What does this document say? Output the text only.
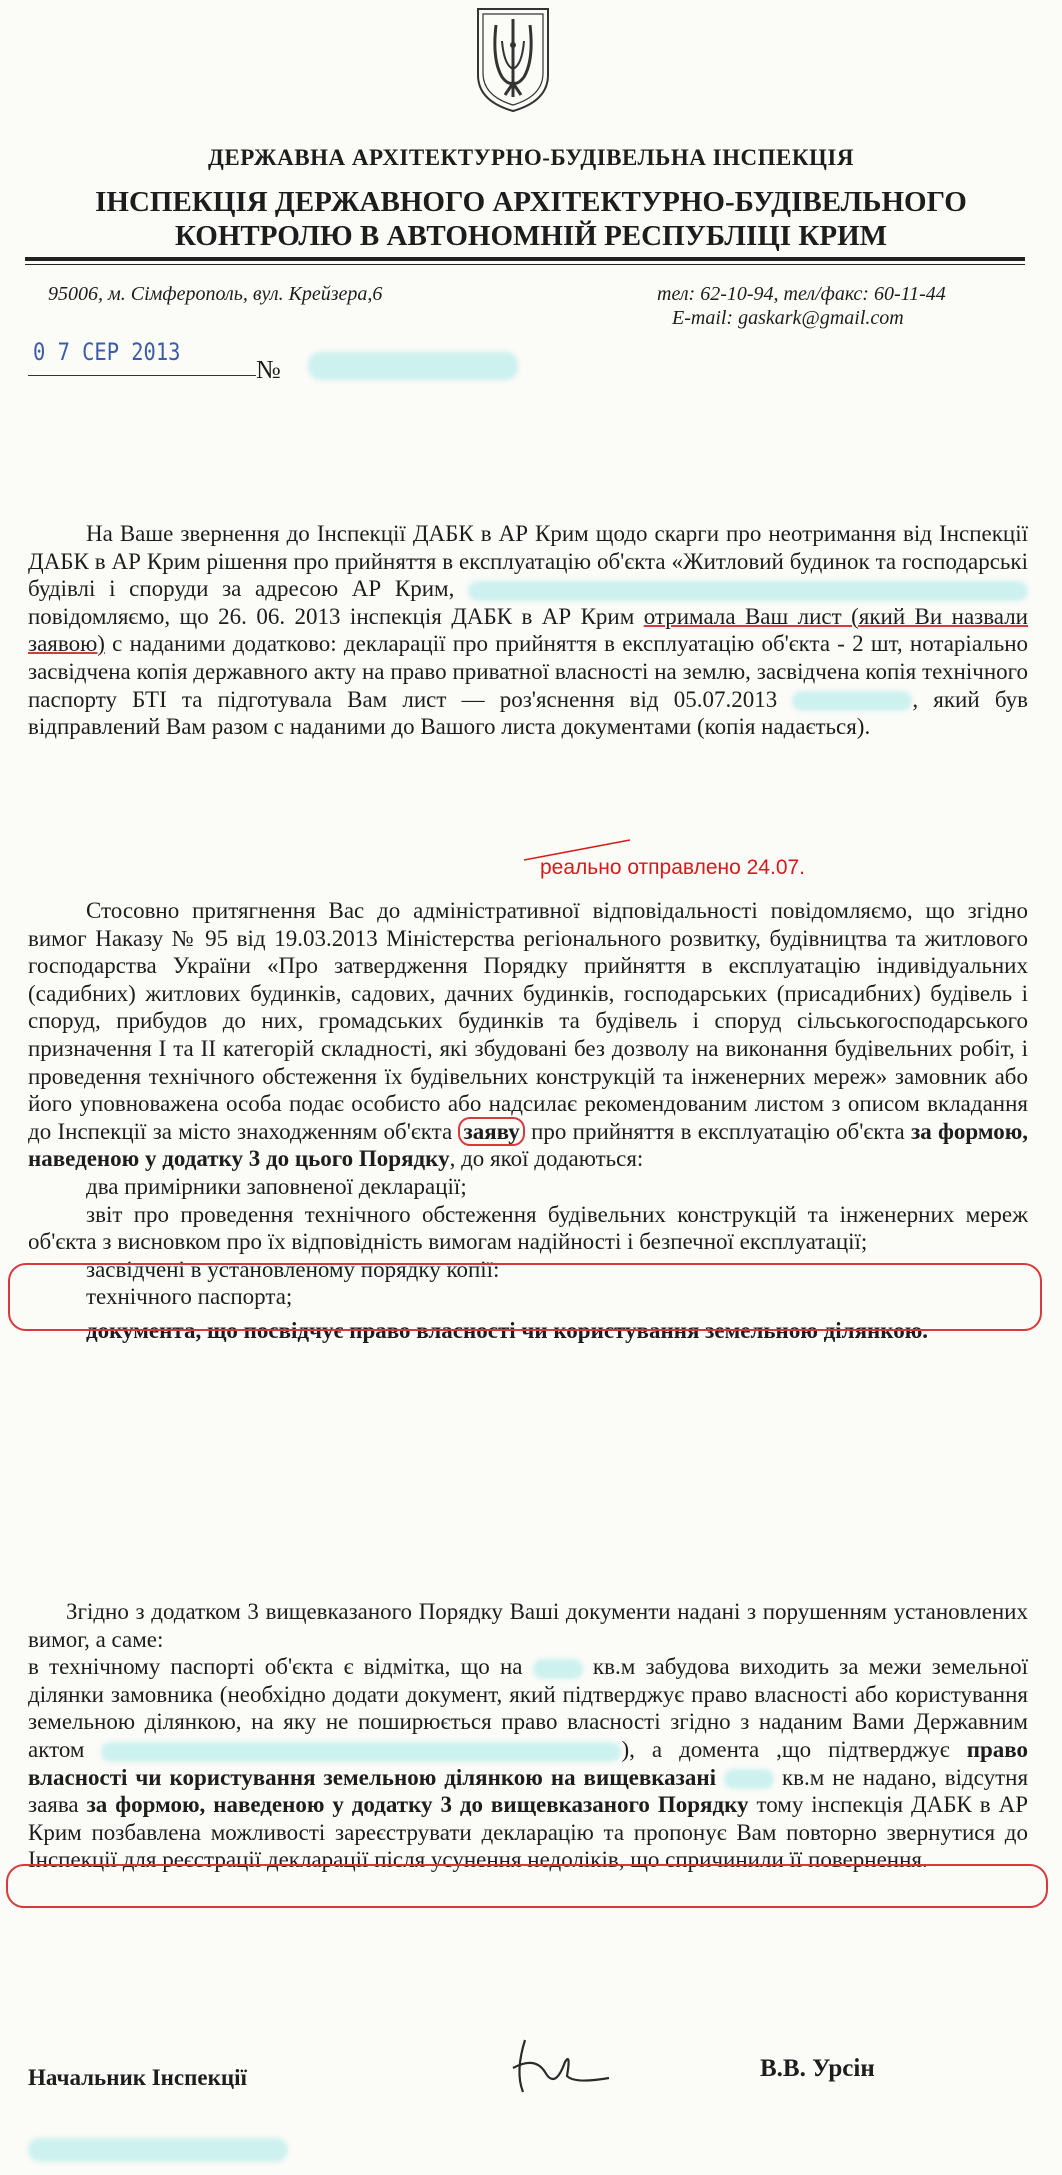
ДЕРЖАВНА АРХІТЕКТУРНО-БУДІВЕЛЬНА ІНСПЕКЦІЯ
ІНСПЕКЦІЯ ДЕРЖАВНОГО АРХІТЕКТУРНО-БУДІВЕЛЬНОГО
КОНТРОЛЮ В АВТОНОМНІЙ РЕСПУБЛІЦІ КРИМ
95006, м. Сімферополь, вул. Крейзера,6	тел: 62-10-94, тел/факс: 60-11-44
E-mail: gaskark@gmail.com
0 7 СЕР 2013
№

На Ваше звернення до Інспекції ДАБК в АР Крим щодо скарги про неотримання від Інспекції ДАБК в АР Крим рішення про прийняття в експлуатацію об'єкта «Житловий будинок та господарські будівлі і споруди за адресою АР Крим,  повідомляємо, що 26. 06. 2013 інспекція ДАБК в АР Крим отримала Ваш лист (який Ви назвали заявою) с наданими додатково: декларації про прийняття в експлуатацію об'єкта - 2 шт, нотаріально засвідчена копія державного акту на право приватної власності на землю, засвідчена копія технічного паспорту БТІ та підготувала Вам лист — роз'яснення від 05.07.2013	, який був відправлений Вам разом с наданими до Вашого листа документами (копія надається).

реально отправлено 24.07.

Стосовно притягнення Вас до адміністративної відповідальності повідомляємо, що згідно вимог Наказу № 95 від 19.03.2013 Міністерства регіонального розвитку, будівництва та житлового господарства України «Про затвердження Порядку прийняття в експлуатацію індивідуальних (садибних) житлових будинків, садових, дачних будинків, господарських (присадибних) будівель і споруд, прибудов до них, громадських будинків та будівель і споруд сільськогосподарського призначення І та ІІ категорій складності, які збудовані без дозволу на виконання будівельних робіт, і проведення технічного обстеження їх будівельних конструкцій та інженерних мереж» замовник або його уповноважена особа подає особисто або надсилає рекомендованим листом з описом вкладання до Інспекції за місто знаходженням об'єкта заяву про прийняття в експлуатацію об'єкта за формою, наведеною у додатку 3 до цього Порядку, до якої додаються:

два примірники заповненої декларації;

звіт про проведення технічного обстеження будівельних конструкцій та інженерних мереж об'єкта з висновком про їх відповідність вимогам надійності і безпечної експлуатації;

засвідчені в установленому порядку копії:

технічного паспорта;

документа, що посвідчує право власності чи користування земельною ділянкою.

Згідно з додатком 3 вищевказаного Порядку Ваші документи надані з порушенням установлених вимог, а саме:

в технічному паспорті об'єкта є відмітка, що на	кв.м забудова виходить за межи земельної ділянки замовника (необхідно додати документ, який підтверджує право власності або користування земельною ділянкою, на яку не поширюється право власності згідно з наданим Вами Державним актом	), а доментa ,що підтверджує право власності чи користування земельною ділянкою на вищевказані	кв.м не надано, відсутня заява за формою, наведеною у додатку 3 до вищевказаного Порядку тому інспекція ДАБК в АР Крим позбавлена можливості зареєструвати декларацію та пропонує Вам повторно звернутися до Інспекції для реєстрації декларації після усунення недоліків, що спричинили її повернення.

Начальник Інспекції	В.В. Урсін
